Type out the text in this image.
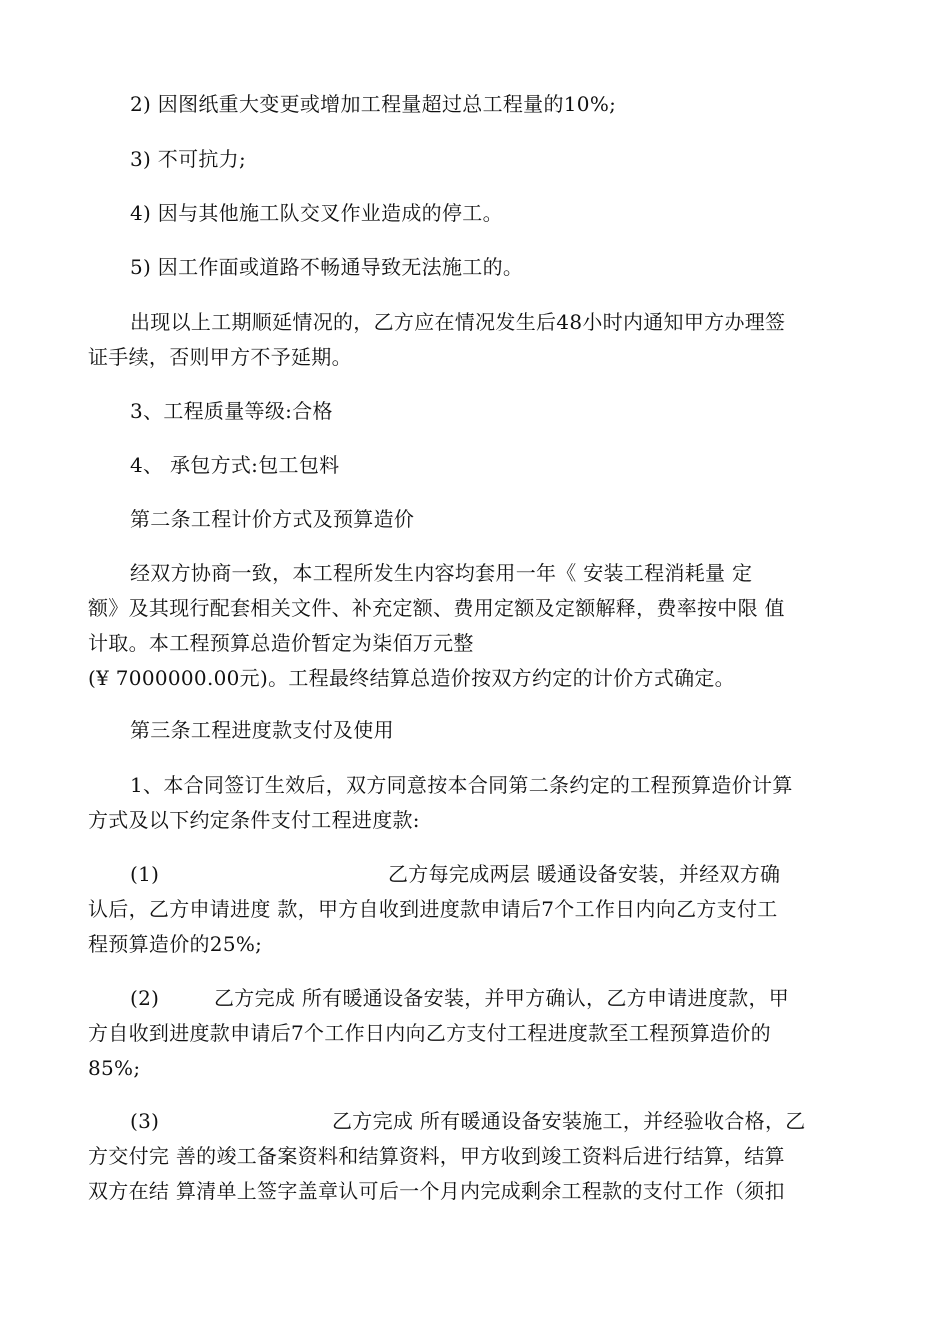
2) 因图纸重大变更或增加工程量超过总工程量的10%;
3) 不可抗力;
4) 因与其他施工队交叉作业造成的停工。
5) 因工作面或道路不畅通导致无法施工的。
出现以上工期顺延情况的，乙方应在情况发生后48小时内通知甲方办理签
证手续，否则甲方不予延期。
3、工程质量等级:合格
4、 承包方式:包工包料
第二条工程计价方式及预算造价
经双方协商一致，本工程所发生内容均套用一年《 安装工程消耗量 定
额》及其现行配套相关文件、补充定额、费用定额及定额解释，费率按中限 值
计取。本工程预算总造价暂定为柒佰万元整
(¥ 7000000.00元)。工程最终结算总造价按双方约定的计价方式确定。
第三条工程进度款支付及使用
1、本合同签订生效后，双方同意按本合同第二条约定的工程预算造价计算
方式及以下约定条件支付工程进度款:
(1)	乙方每完成两层 暖通设备安装，并经双方确
认后，乙方申请进度 款，甲方自收到进度款申请后7个工作日内向乙方支付工
程预算造价的25%;
(2)	乙方完成 所有暖通设备安装，并甲方确认，乙方申请进度款，甲
方自收到进度款申请后7个工作日内向乙方支付工程进度款至工程预算造价的
85%;
(3)	乙方完成 所有暖通设备安装施工，并经验收合格，乙
方交付完 善的竣工备案资料和结算资料，甲方收到竣工资料后进行结算，结算
双方在结 算清单上签字盖章认可后一个月内完成剩余工程款的支付工作（须扣
